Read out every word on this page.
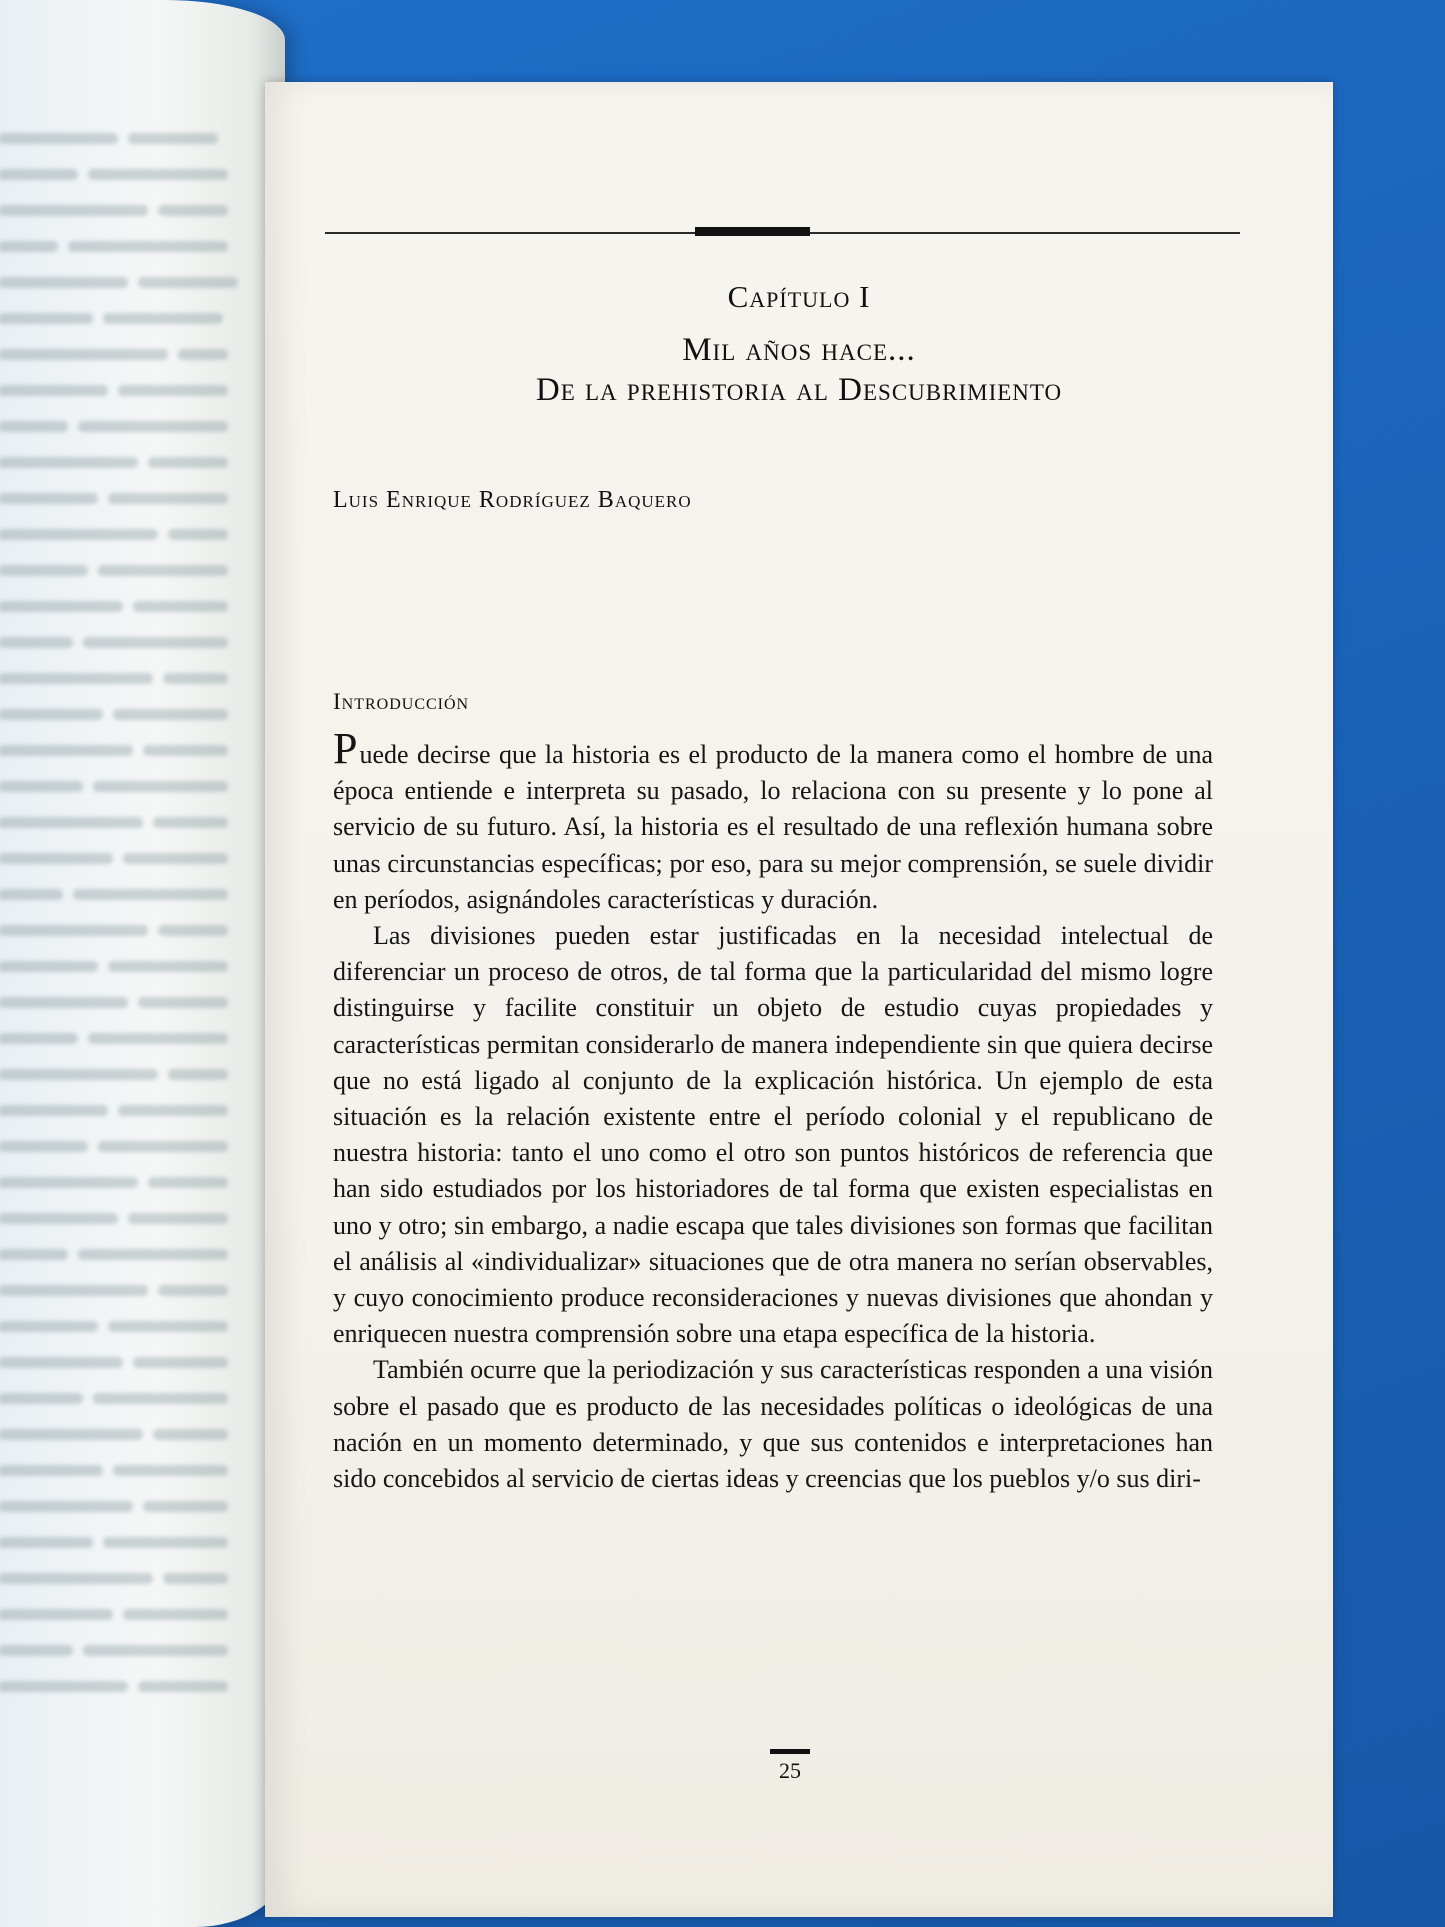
Capítulo I
Mil años hace...
De la prehistoria al Descubrimiento
Luis Enrique Rodríguez Baquero
Introducción

Puede decirse que la historia es el producto de la manera como el hombre de una época entiende e interpreta su pasado, lo relaciona con su presente y lo pone al servicio de su futuro. Así, la historia es el resultado de una reflexión humana sobre unas circunstancias específicas; por eso, para su mejor comprensión, se suele dividir en períodos, asignándoles características y duración.

Las divisiones pueden estar justificadas en la necesidad intelectual de diferenciar un proceso de otros, de tal forma que la particularidad del mismo logre distinguirse y facilite constituir un objeto de estudio cuyas propiedades y características permitan considerarlo de manera independiente sin que quiera decirse que no está ligado al conjunto de la explicación histórica. Un ejemplo de esta situación es la relación existente entre el período colonial y el republicano de nuestra historia: tanto el uno como el otro son puntos históricos de referencia que han sido estudiados por los historiadores de tal forma que existen especialistas en uno y otro; sin embargo, a nadie escapa que tales divisiones son formas que facilitan el análisis al «individualizar» situaciones que de otra manera no serían observables, y cuyo conocimiento produce reconsideraciones y nuevas divisiones que ahondan y enriquecen nuestra comprensión sobre una etapa específica de la historia.

También ocurre que la periodización y sus características responden a una visión sobre el pasado que es producto de las necesidades políticas o ideológicas de una nación en un momento determinado, y que sus contenidos e interpretaciones han sido concebidos al servicio de ciertas ideas y creencias que los pueblos y/o sus diri-

25
